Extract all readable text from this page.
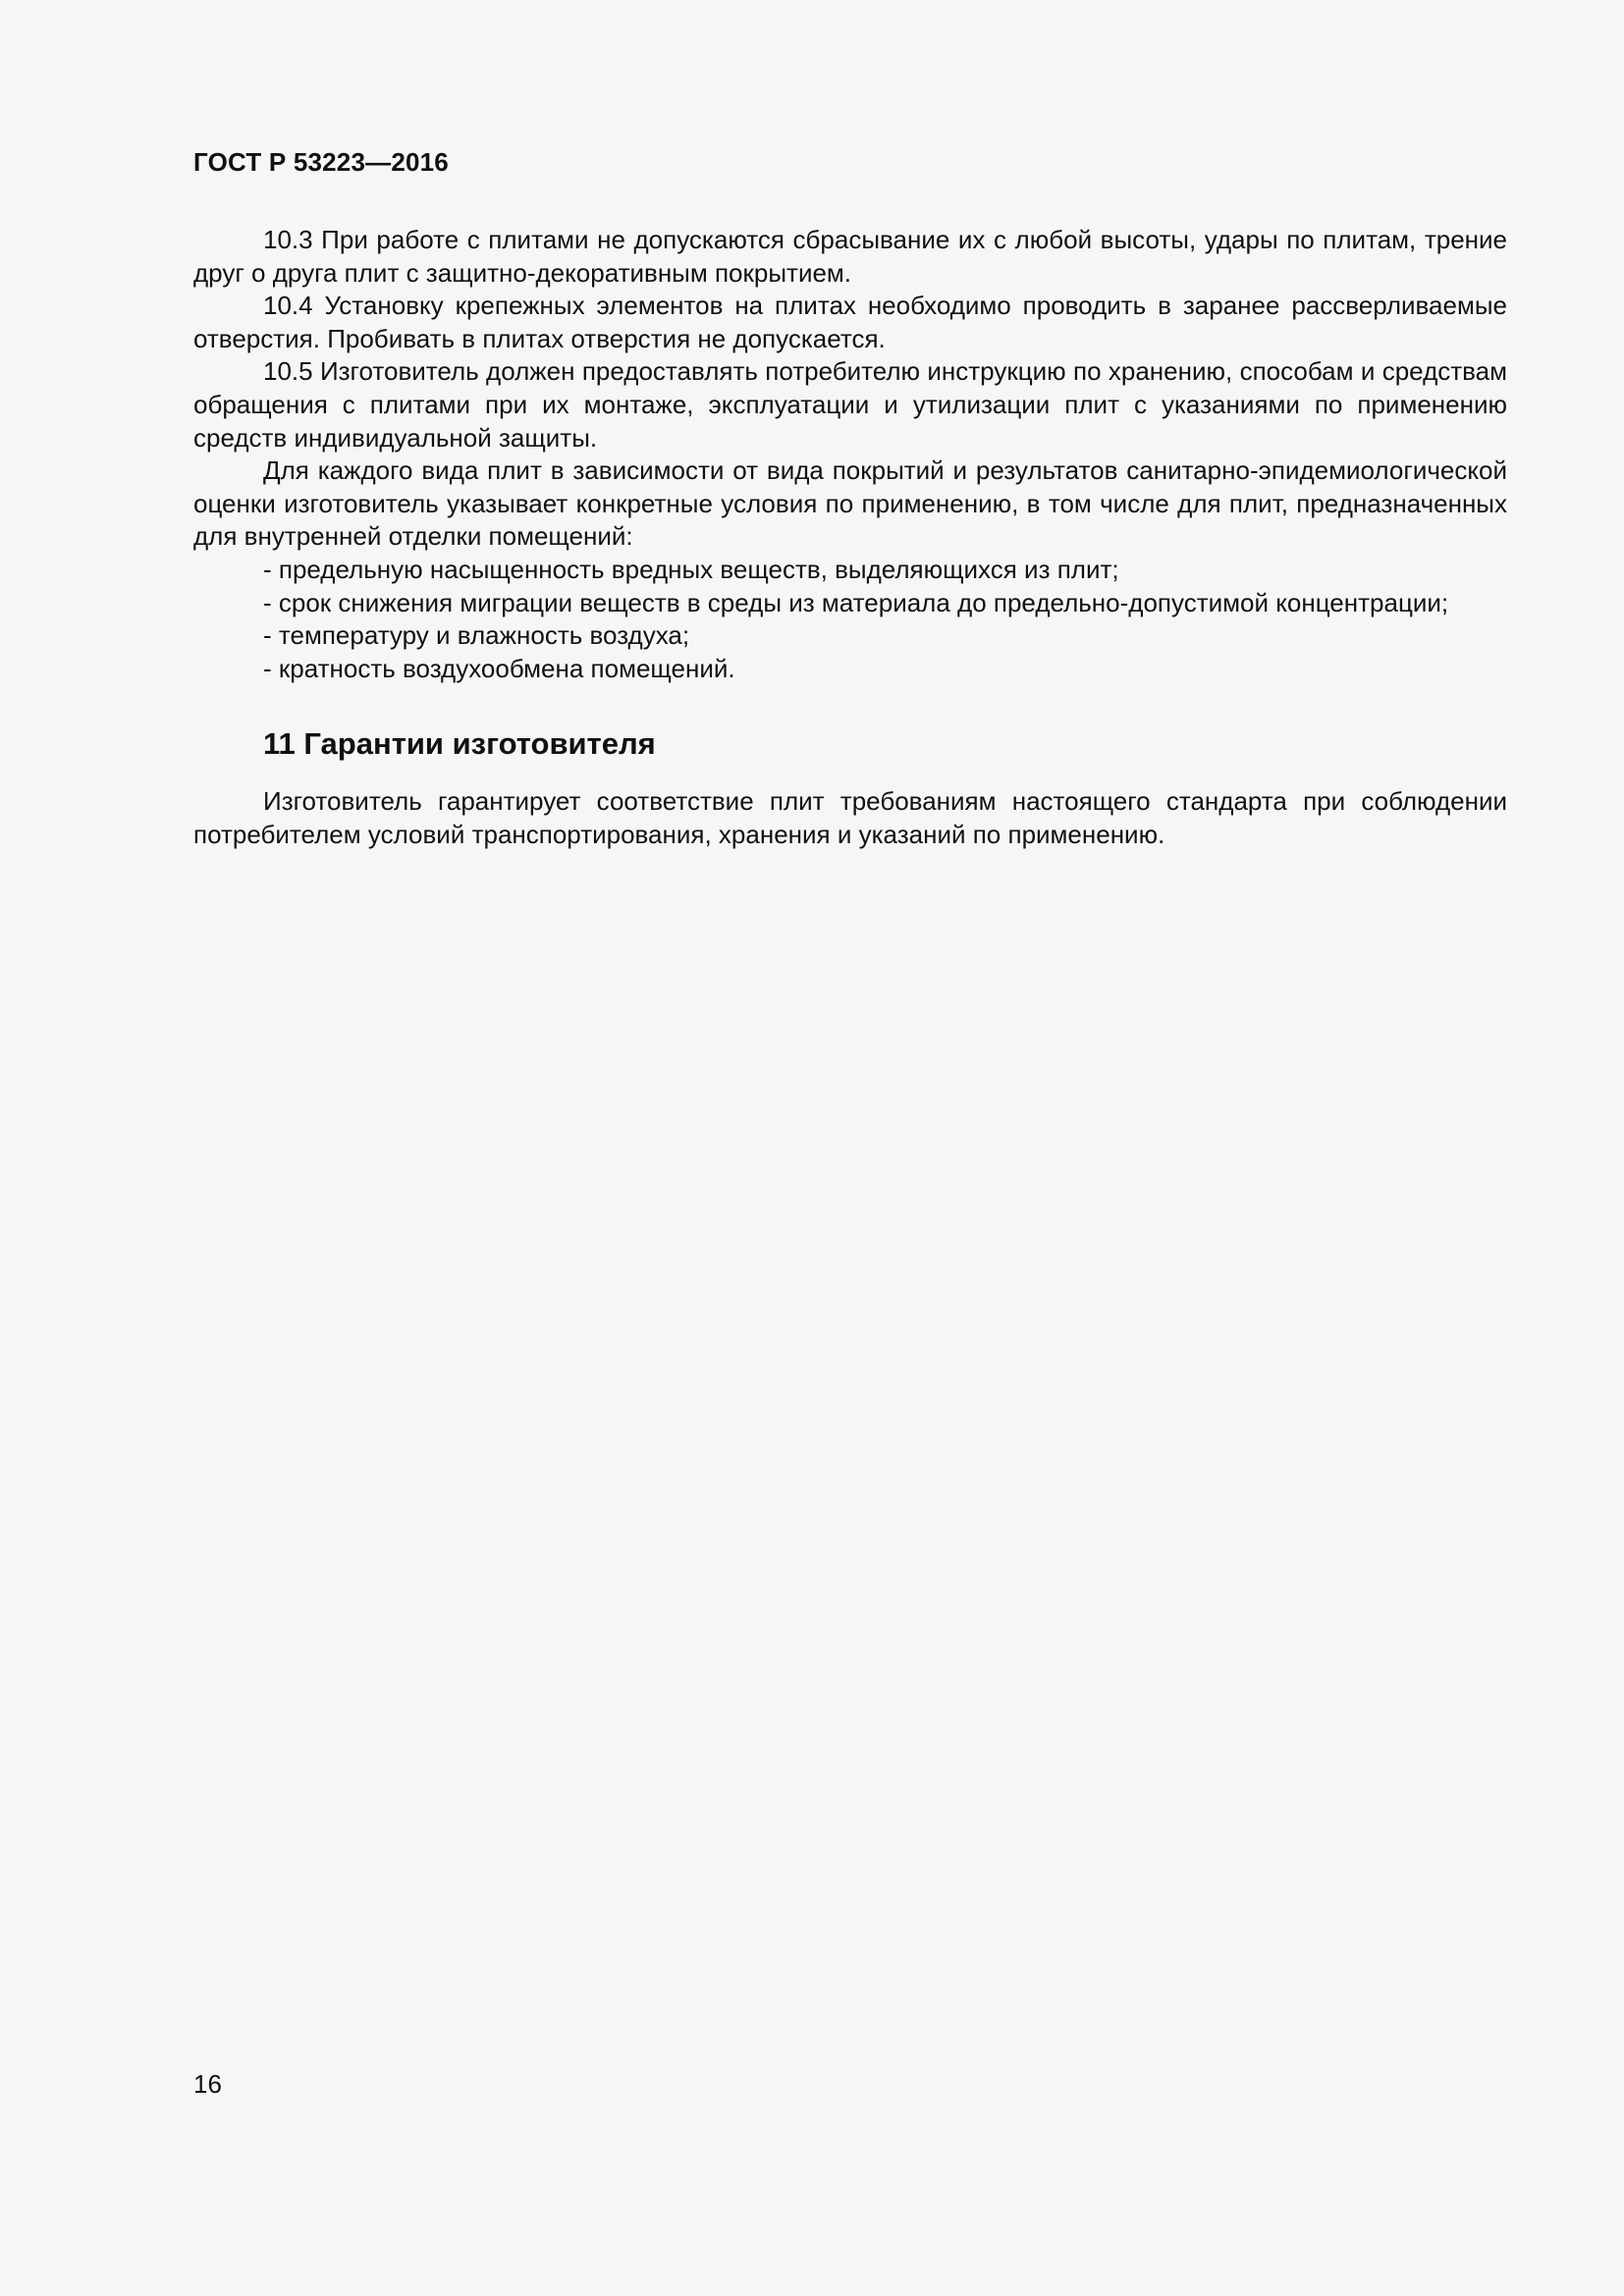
ГОСТ Р 53223—2016

10.3 При работе с плитами не допускаются сбрасывание их с любой высоты, удары по плитам, трение друг о друга плит с защитно-декоративным покрытием.

10.4 Установку крепежных элементов на плитах необходимо проводить в заранее рассверливаемые отверстия. Пробивать в плитах отверстия не допускается.

10.5 Изготовитель должен предоставлять потребителю инструкцию по хранению, способам и средствам обращения с плитами при их монтаже, эксплуатации и утилизации плит с указаниями по применению средств индивидуальной защиты.

Для каждого вида плит в зависимости от вида покрытий и результатов санитарно-эпидемиологической оценки изготовитель указывает конкретные условия по применению, в том числе для плит, предназначенных для внутренней отделки помещений:

- предельную насыщенность вредных веществ, выделяющихся из плит;

- срок снижения миграции веществ в среды из материала до предельно-допустимой концентрации;

- температуру и влажность воздуха;

- кратность воздухообмена помещений.

11 Гарантии изготовителя

Изготовитель гарантирует соответствие плит требованиям настоящего стандарта при соблюдении потребителем условий транспортирования, хранения и указаний по применению.

16
